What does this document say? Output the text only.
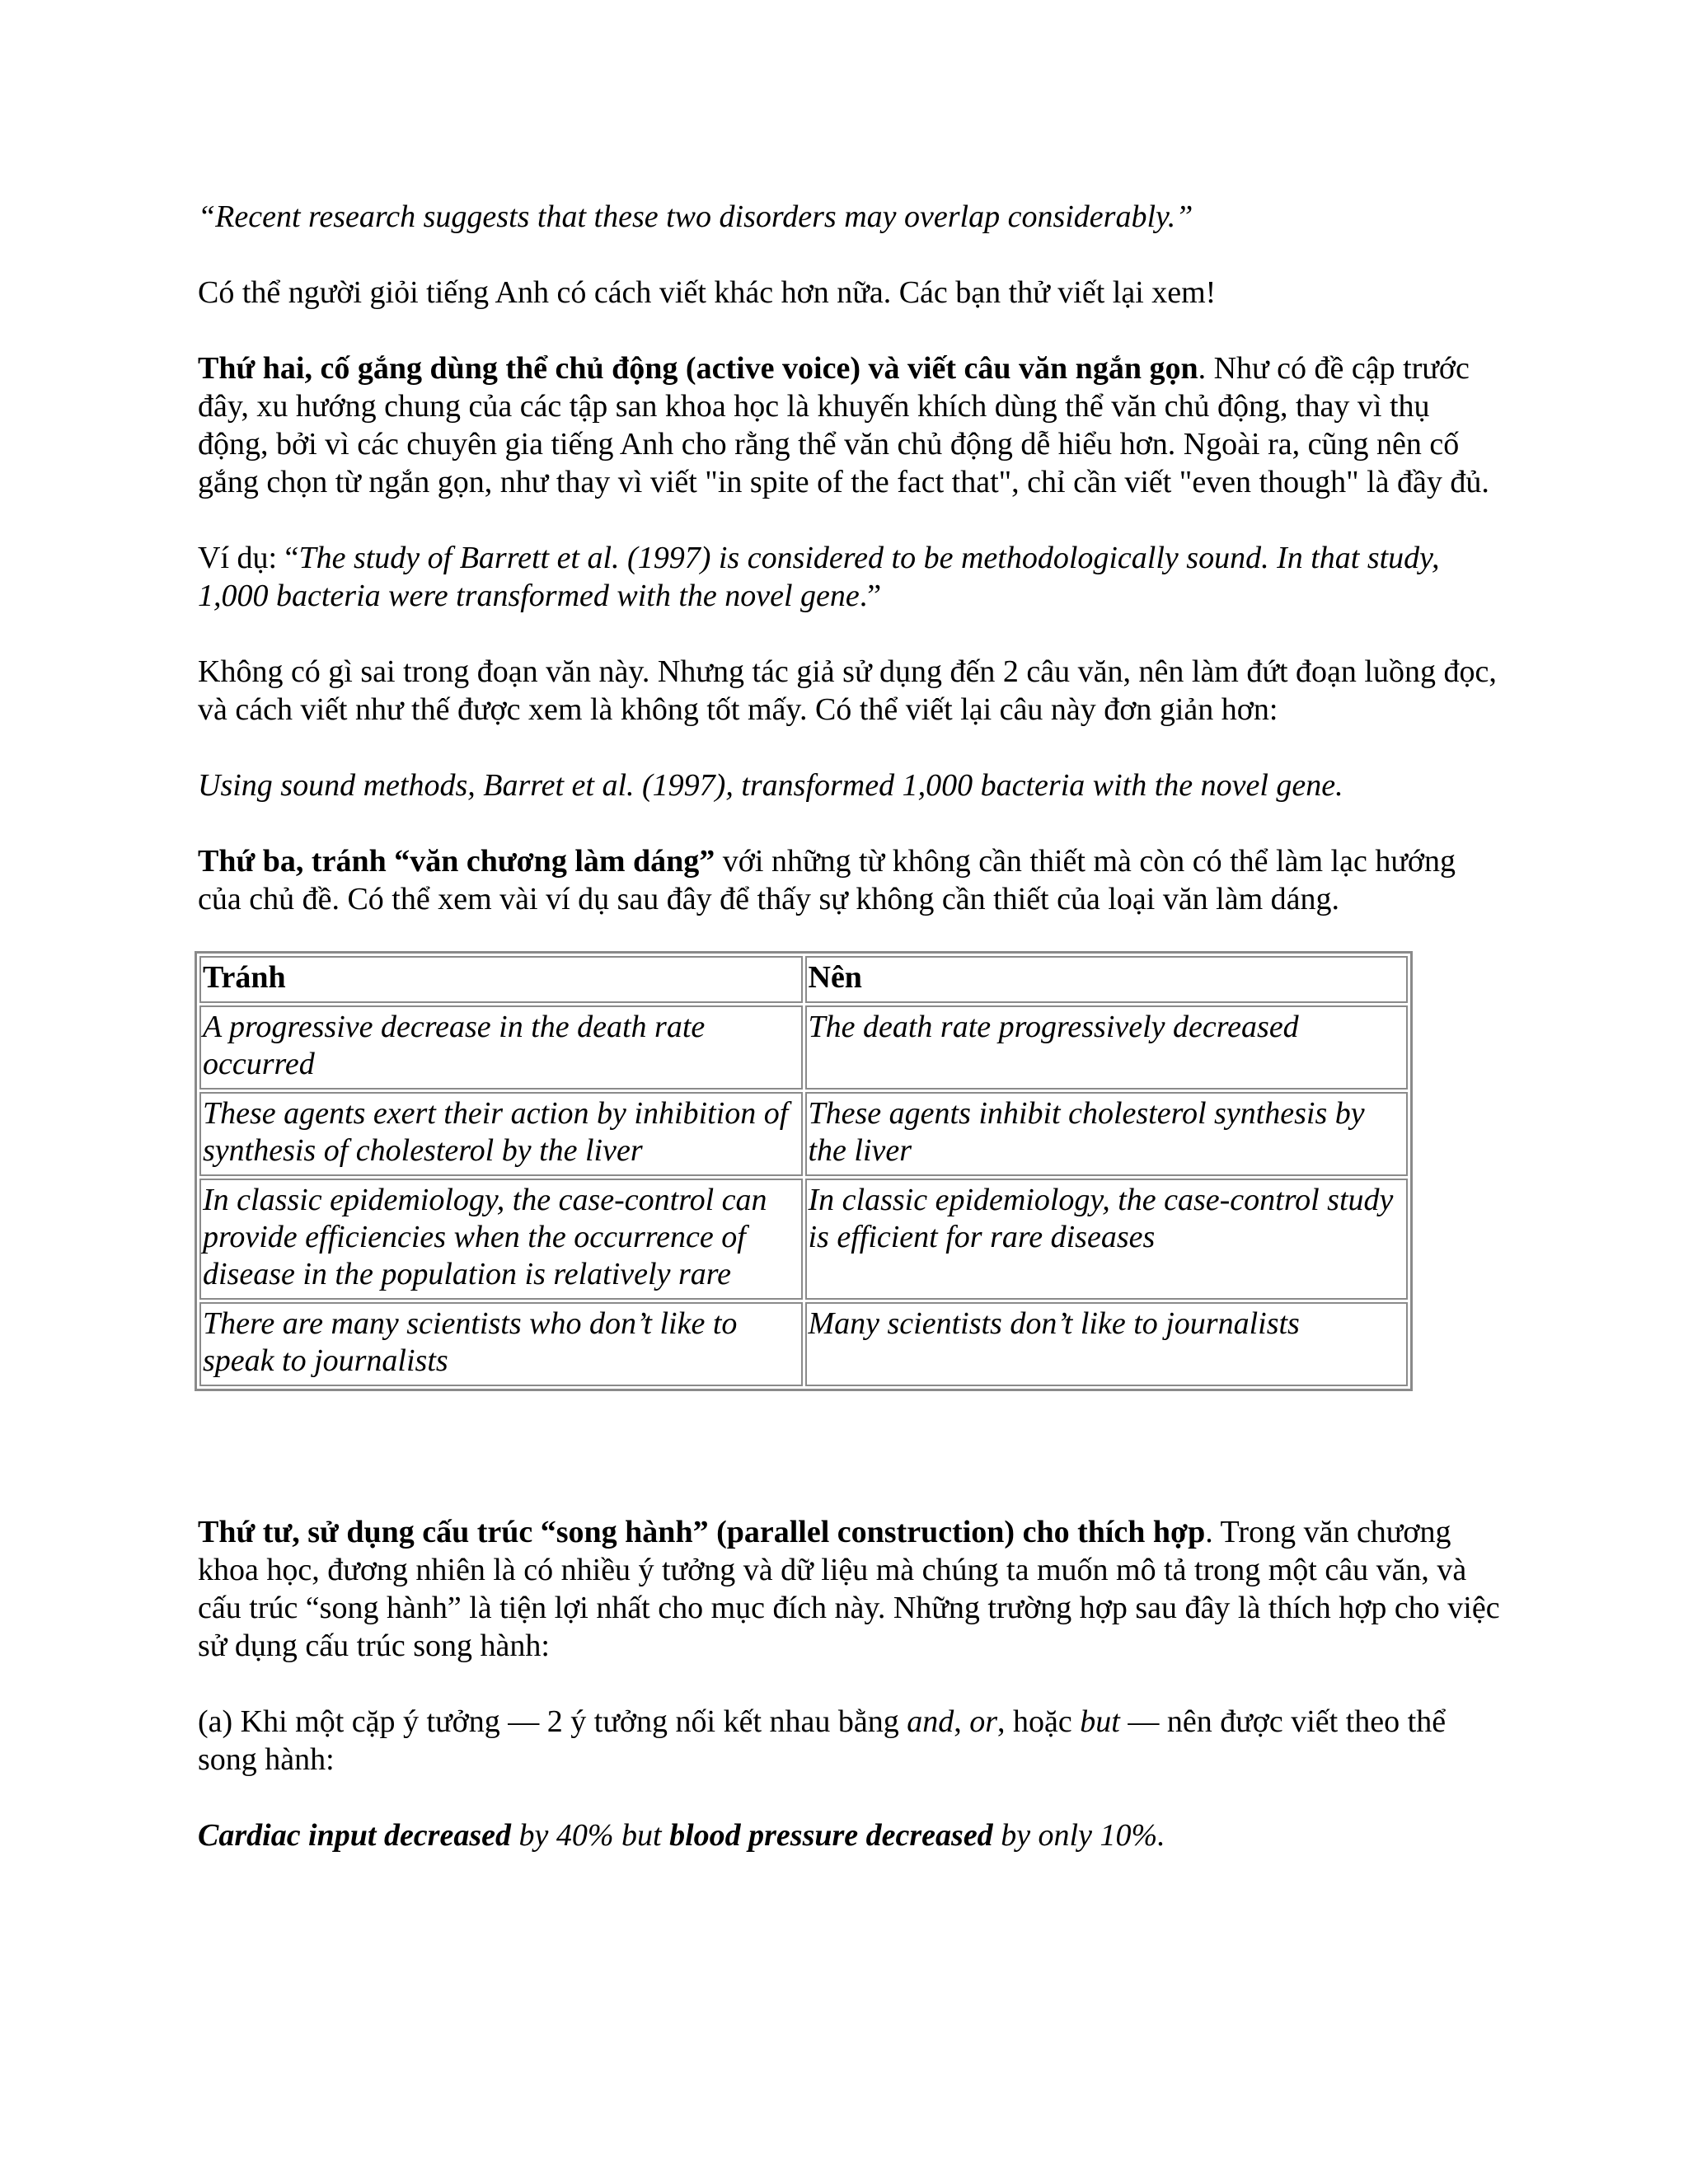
“Recent research suggests that these two disorders may overlap considerably.”

Có thể người giỏi tiếng Anh có cách viết khác hơn nữa. Các bạn thử viết lại xem!

Thứ hai, cố gắng dùng thể chủ động (active voice) và viết câu văn ngắn gọn. Như có đề cập trước đây, xu hướng chung của các tập san khoa học là khuyến khích dùng thể văn chủ động, thay vì thụ động, bởi vì các chuyên gia tiếng Anh cho rằng thể văn chủ động dễ hiểu hơn. Ngoài ra, cũng nên cố gắng chọn từ ngắn gọn, như thay vì viết "in spite of the fact that", chỉ cần viết "even though" là đầy đủ.

Ví dụ: “The study of Barrett et al. (1997) is considered to be methodologically sound. In that study, 1,000 bacteria were transformed with the novel gene.”

Không có gì sai trong đoạn văn này. Nhưng tác giả sử dụng đến 2 câu văn, nên làm đứt đoạn luồng đọc, và cách viết như thế được xem là không tốt mấy. Có thể viết lại câu này đơn giản hơn:

Using sound methods, Barret et al. (1997), transformed 1,000 bacteria with the novel gene.

Thứ ba, tránh “văn chương làm dáng” với những từ không cần thiết mà còn có thể làm lạc hướng của chủ đề. Có thể xem vài ví dụ sau đây để thấy sự không cần thiết của loại văn làm dáng.

Tránh	Nên
A progressive decrease in the death rate occurred	The death rate progressively decreased
These agents exert their action by inhibition of synthesis of cholesterol by the liver	These agents inhibit cholesterol synthesis by the liver
In classic epidemiology, the case-control can provide efficiencies when the occurrence of disease in the population is relatively rare	In classic epidemiology, the case-control study is efficient for rare diseases
There are many scientists who don’t like to speak to journalists	Many scientists don’t like to journalists

Thứ tư, sử dụng cấu trúc “song hành” (parallel construction) cho thích hợp. Trong văn chương khoa học, đương nhiên là có nhiều ý tưởng và dữ liệu mà chúng ta muốn mô tả trong một câu văn, và cấu trúc “song hành” là tiện lợi nhất cho mục đích này. Những trường hợp sau đây là thích hợp cho việc sử dụng cấu trúc song hành:

(a) Khi một cặp ý tưởng — 2 ý tưởng nối kết nhau bằng and, or, hoặc but — nên được viết theo thể song hành:

Cardiac input decreased by 40% but blood pressure decreased by only 10%.
